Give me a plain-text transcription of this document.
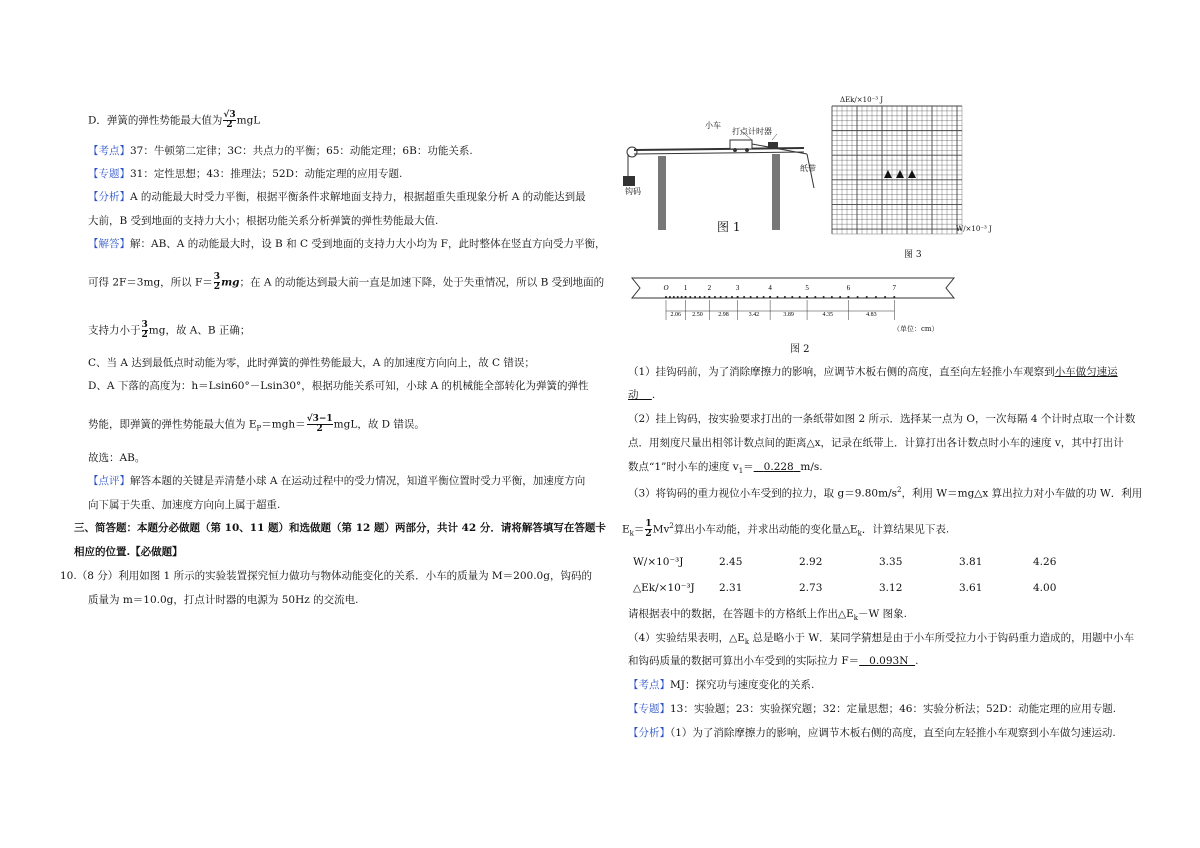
D．弹簧的弹性势能最大值为 $\frac{√3}{2}$ mgL
【考点】37：牛顿第二定律；3C：共点力的平衡；65：动能定理；6B：功能关系.
【专题】31：定性思想；43：推理法；52D：动能定理的应用专题.
【分析】A 的动能最大时受力平衡，根据平衡条件求解地面支持力，根据超重失重现象分析 A 的动能达到最
大前，B 受到地面的支持力大小；根据功能关系分析弹簧的弹性势能最大值.
【解答】解：AB、A 的动能最大时，设 B 和 C 受到地面的支持力大小均为 F，此时整体在竖直方向受力平衡，
可得 2F＝3mg，所以 $F= \frac{3}{2}$ mg；在 A 的动能达到最大前一直是加速下降，处于失重情况，所以 B 受到地面的
支持力小于 $\frac{3}{2}$ mg，故 A、B 正确；
C、当 A 达到最低点时动能为零，此时弹簧的弹性势能最大，A 的加速度方向向上，故 C 错误；
D、A 下落的高度为：h＝Lsin60°－Lsin30°，根据功能关系可知，小球 A 的机械能全部转化为弹簧的弹性
势能，即弹簧的弹性势能最大值为 $E_P=mgh= \frac{√3-1}{2}$ mgL，故 D 错误。
故选：AB。
【点评】解答本题的关键是弄清楚小球 A 在运动过程中的受力情况，知道平衡位置时受力平衡，加速度方向
向下属于失重、加速度方向向上属于超重.
三、简答题：本题分必做题（第 10、11 题）和选做题（第 12 题）两部分，共计 42 分．请将解答填写在答题卡
相应的位置.【必做题】
10.（8 分）利用如图 1 所示的实验装置探究恒力做功与物体动能变化的关系．小车的质量为 M＝200.0g，钩码的
质量为 m＝10.0g，打点计时器的电源为 50Hz 的交流电.
小车
打点计时器
纸带
钩码
图 1
ΔEk/×10⁻³ J
W/×10⁻³ J
图 3
O 1	2	3	4	5	6	7
2.06 2.50	2.98	3.42	3.89	4.35	4.83
（单位：cm）
图 2
（1）挂钩码前，为了消除摩擦力的影响，应调节木板右侧的高度，直至向左轻推小车观察到小车做匀速运
动 .
（2）挂上钩码，按实验要求打出的一条纸带如图 2 所示．选择某一点为 O，一次每隔 4 个计时点取一个计数
点．用刻度尺量出相邻计数点间的距离△x，记录在纸带上．计算打出各计数点时小车的速度 v，其中打出计
数点“1”时小车的速度 $v_1= 0.228$ m/s.
（3）将钩码的重力视位小车受到的拉力，取 $g=9.80m/s^2$，利用 W＝mg△x 算出拉力对小车做的功 W．利用
$E_k= \frac{1}{2} Mv^2$算出小车动能，并求出动能的变化量$\triangle E_k$．计算结果见下表.
W/×10⁻³J	2.45	2.92	3.35	3.81	4.26
△Ek/×10⁻³J	2.31	2.73	3.12	3.61	4.00
请根据表中的数据，在答题卡的方格纸上作出$\triangle E_k-W$ 图象.
（4）实验结果表明，$\triangle E_k$ 总是略小于 W．某同学猜想是由于小车所受拉力小于钩码重力造成的，用题中小车
和钩码质量的数据可算出小车受到的实际拉力 F＝ 0.093N .
【考点】MJ：探究功与速度变化的关系.
【专题】13：实验题；23：实验探究题；32：定量思想；46：实验分析法；52D：动能定理的应用专题.
【分析】（1）为了消除摩擦力的影响，应调节木板右侧的高度，直至向左轻推小车观察到小车做匀速运动.
